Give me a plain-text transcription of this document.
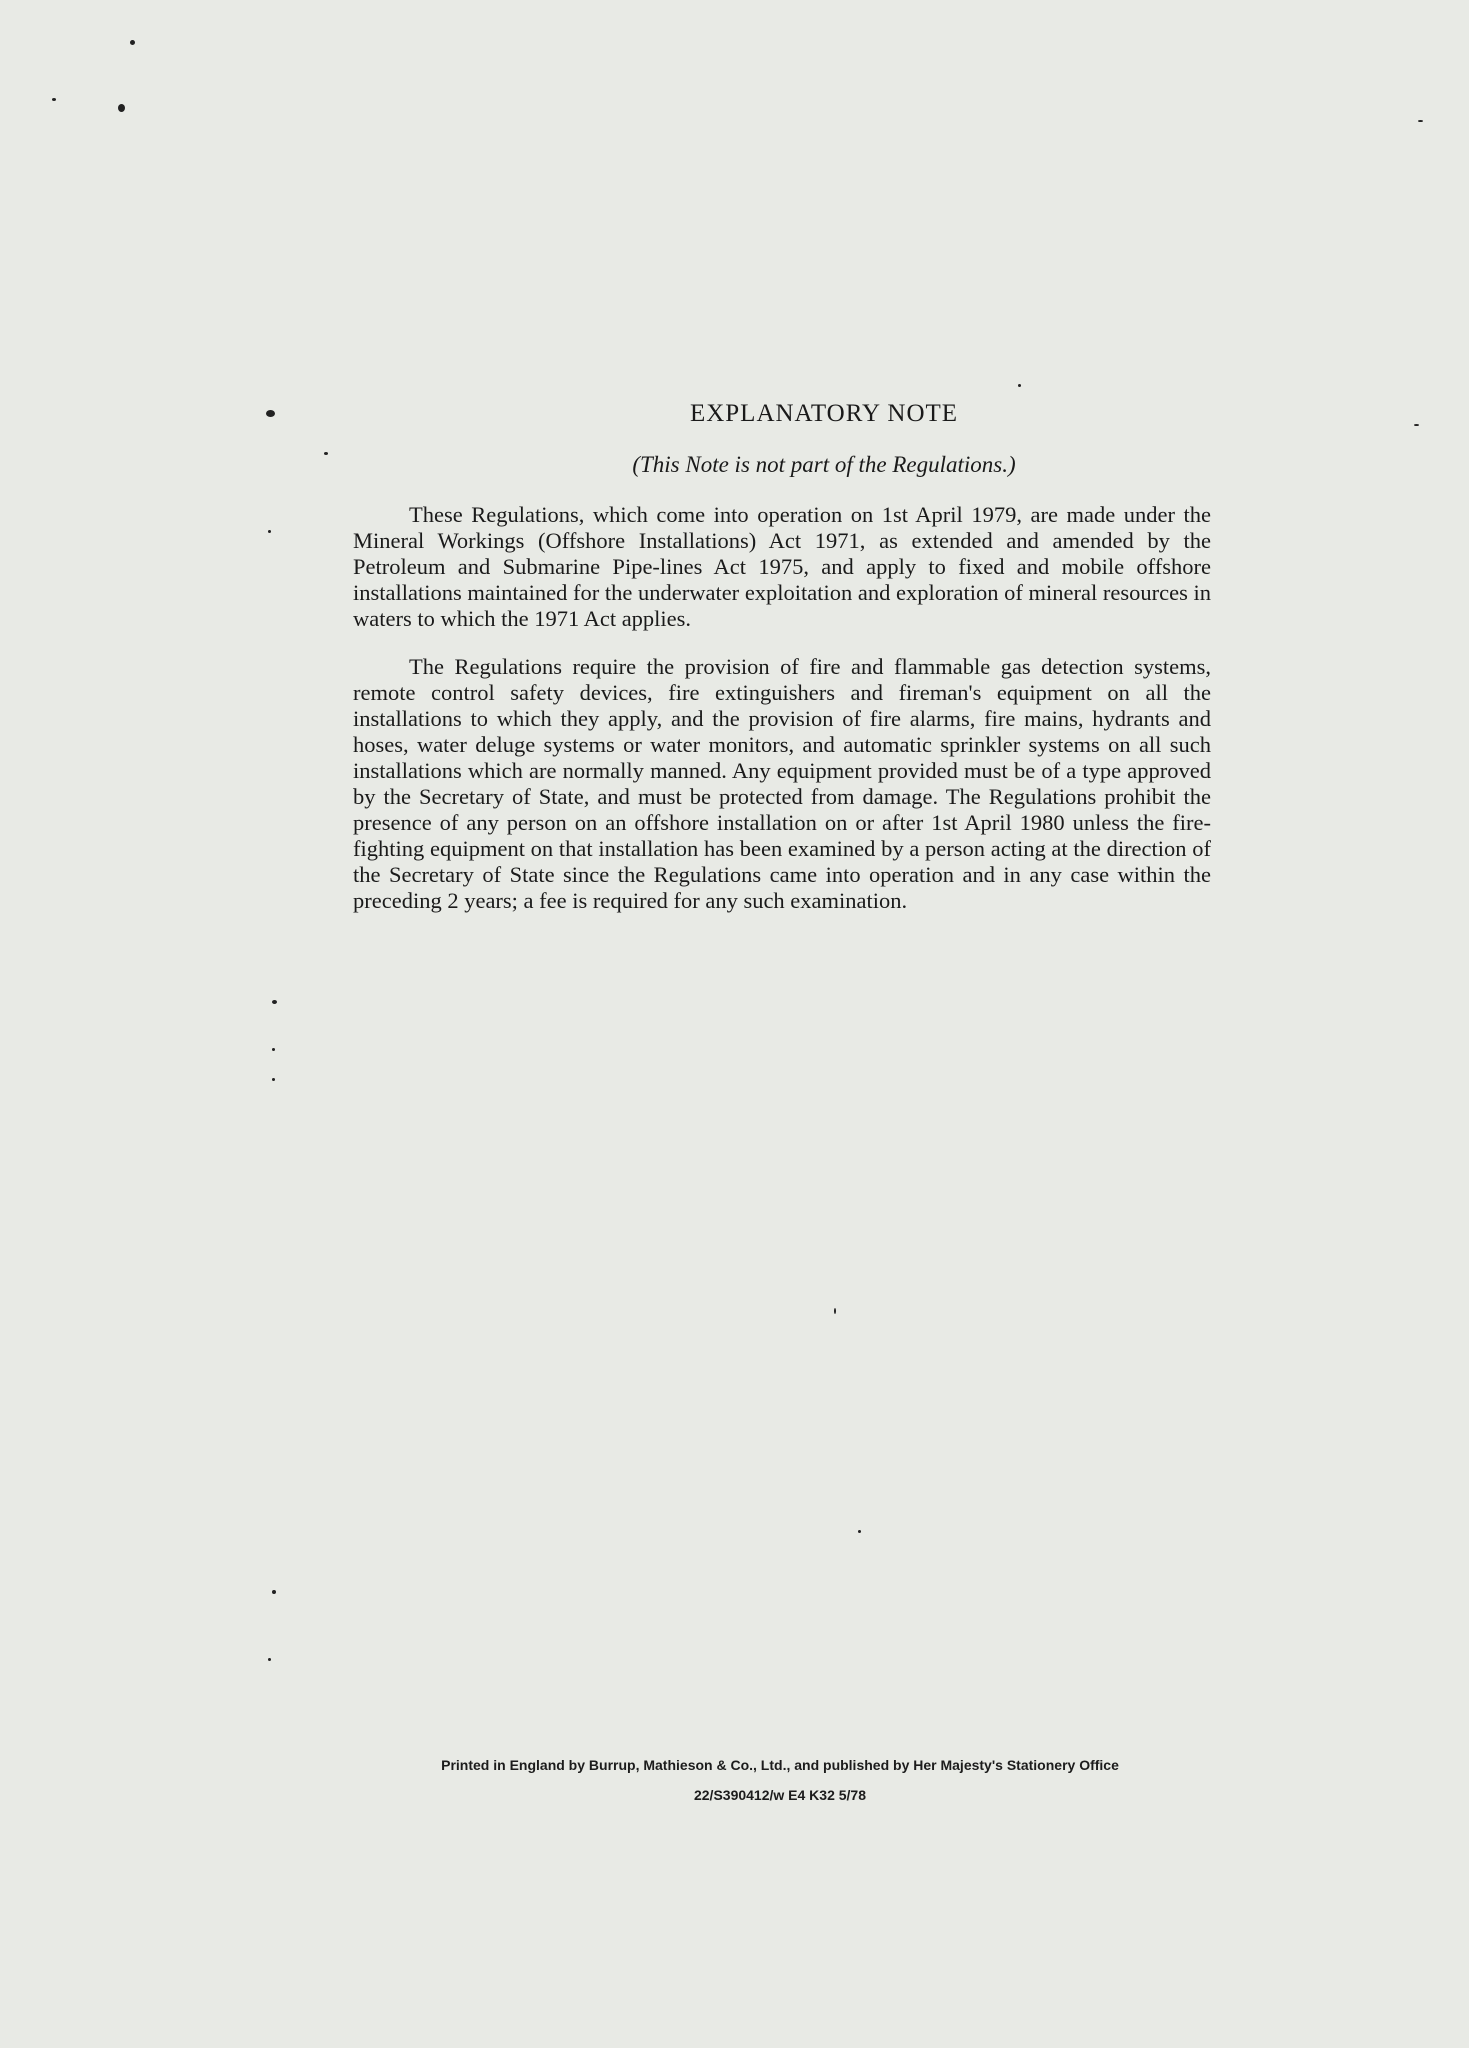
EXPLANATORY NOTE
(This Note is not part of the Regulations.)

These Regulations, which come into operation on 1st April 1979, are made under the Mineral Workings (Offshore Installations) Act 1971, as extended and amended by the Petroleum and Submarine Pipe-lines Act 1975, and apply to fixed and mobile offshore installations maintained for the underwater exploitation and exploration of mineral resources in waters to which the 1971 Act applies.

The Regulations require the provision of fire and flammable gas detection systems, remote control safety devices, fire extinguishers and fireman's equipment on all the installations to which they apply, and the provision of fire alarms, fire mains, hydrants and hoses, water deluge systems or water monitors, and automatic sprinkler systems on all such installations which are normally manned. Any equipment provided must be of a type approved by the Secretary of State, and must be protected from damage. The Regulations prohibit the presence of any person on an offshore installation on or after 1st April 1980 unless the fire-fighting equipment on that installation has been examined by a person acting at the direction of the Secretary of State since the Regulations came into operation and in any case within the preceding 2 years; a fee is required for any such examination.

Printed in England by Burrup, Mathieson & Co., Ltd., and published by Her Majesty's Stationery Office
22/S390412/w E4 K32 5/78
